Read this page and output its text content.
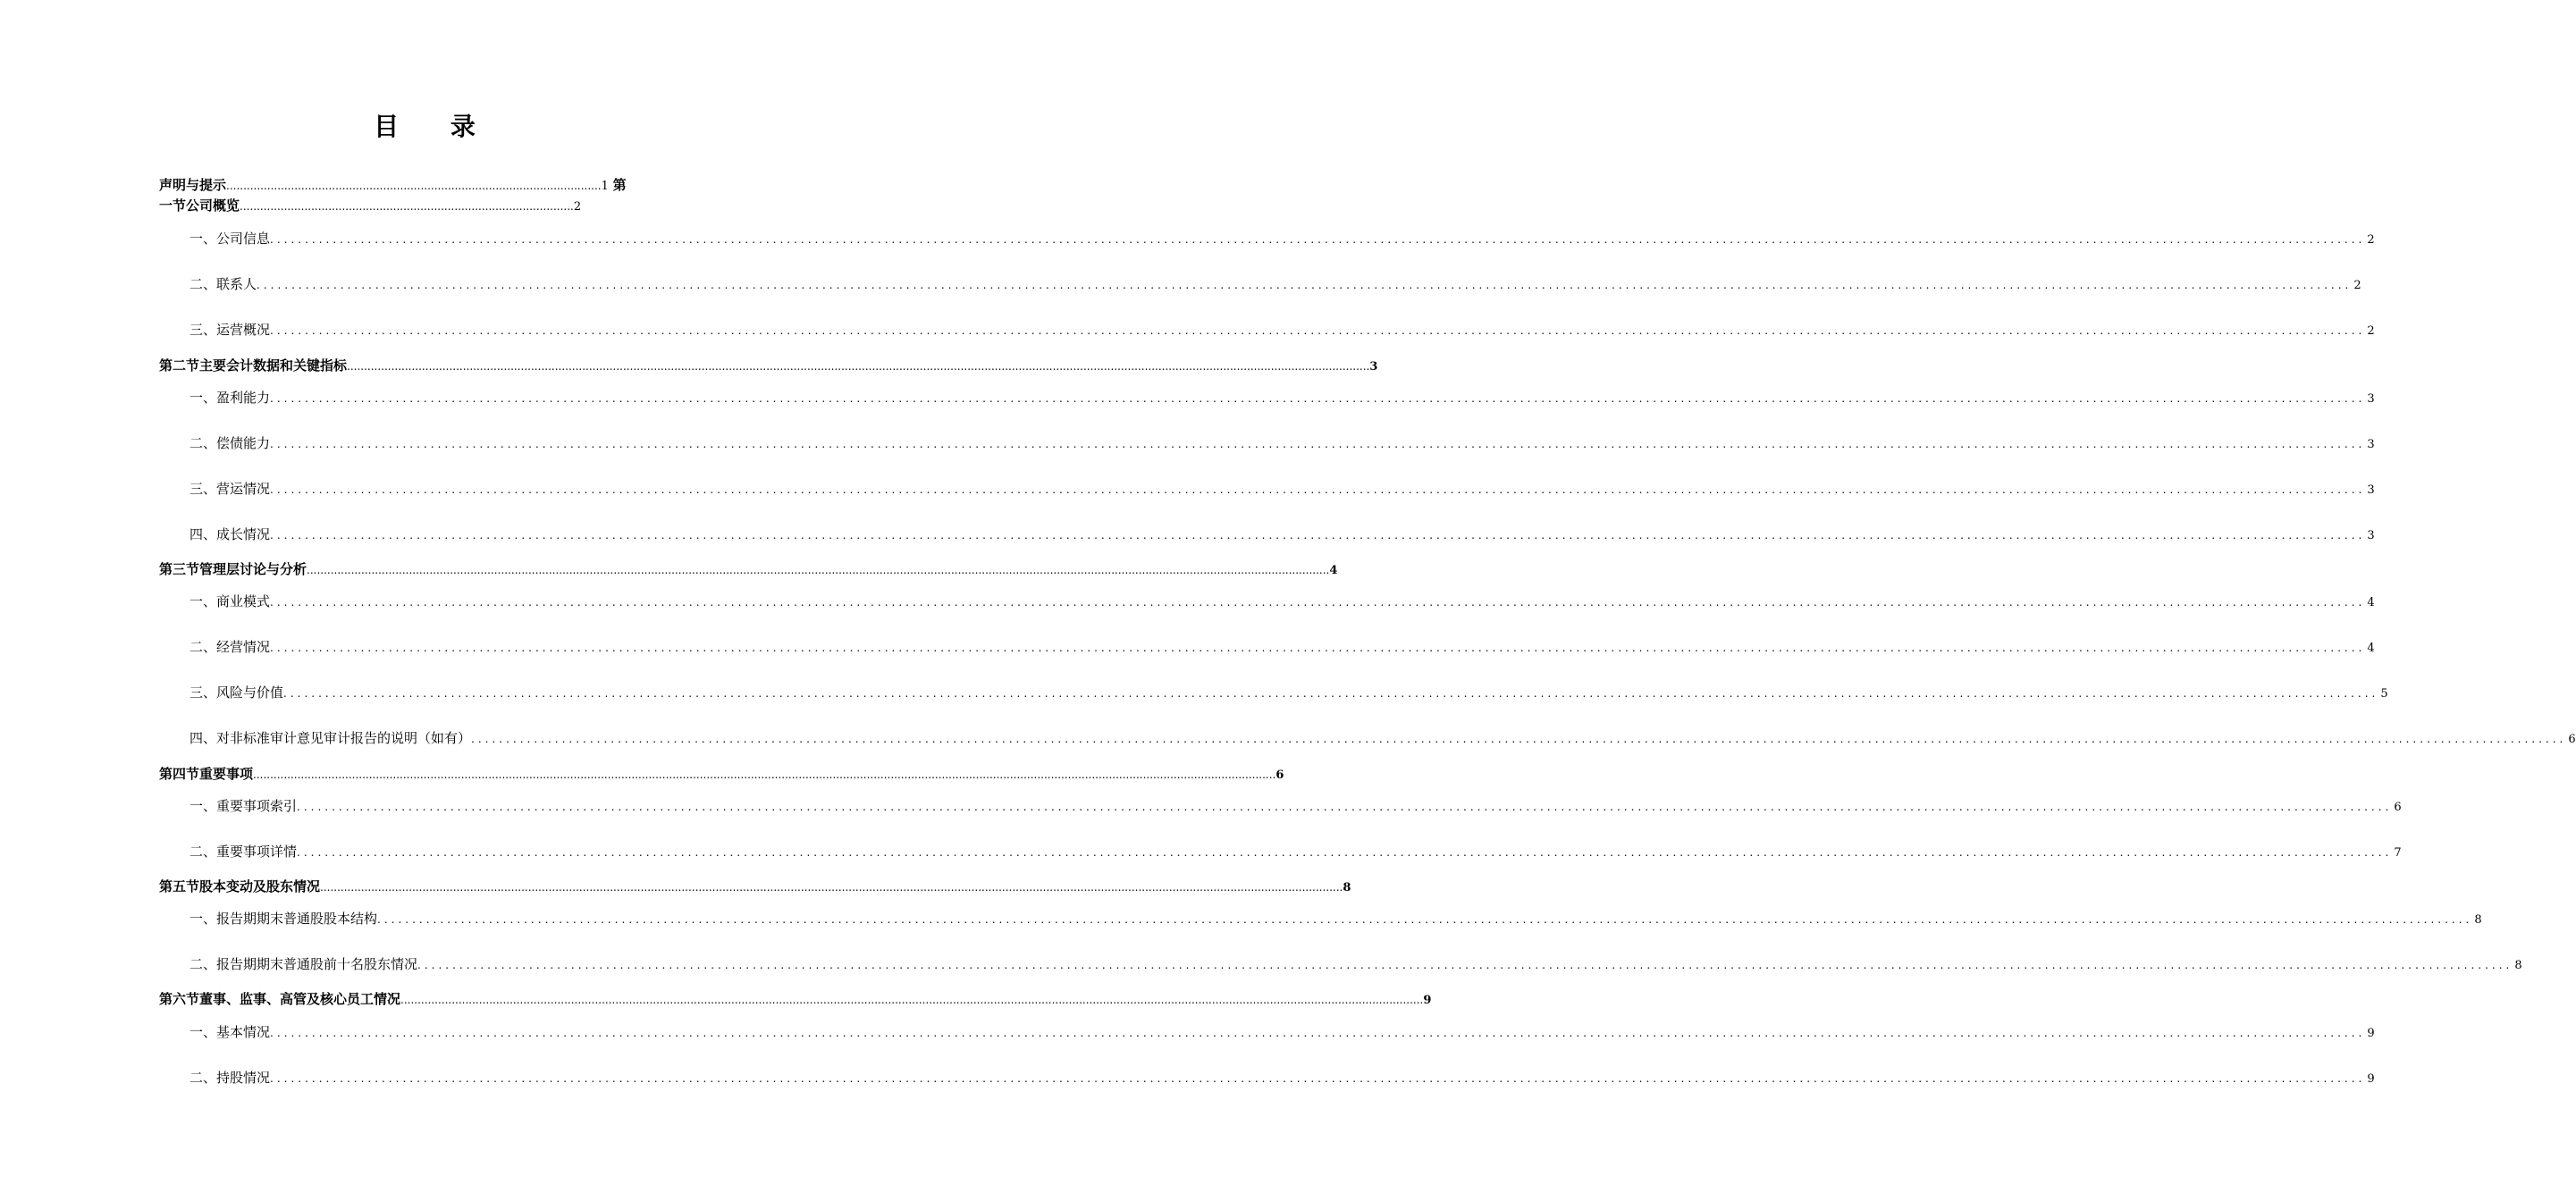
目 录
声明与提示..............................................................................................................1 第
一节公司概览..................................................................................................2
一、公司信息 ............................................................................................................................................................................................................................................................................................................ 2
二、联系人 ............................................................................................................................................................................................................................................................................................................ 2
三、运营概况 ............................................................................................................................................................................................................................................................................................................ 2
第二节主要会计数据和关键指标 ............................................................................................................................................................................................................................................................................................................ 3
一、盈利能力 ............................................................................................................................................................................................................................................................................................................ 3
二、偿债能力 ............................................................................................................................................................................................................................................................................................................ 3
三、营运情况 ............................................................................................................................................................................................................................................................................................................ 3
四、成长情况 ............................................................................................................................................................................................................................................................................................................ 3
第三节管理层讨论与分析 ............................................................................................................................................................................................................................................................................................................ 4
一、商业模式 ............................................................................................................................................................................................................................................................................................................ 4
二、经营情况 ............................................................................................................................................................................................................................................................................................................ 4
三、风险与价值 ............................................................................................................................................................................................................................................................................................................ 5
四、对非标准审计意见审计报告的说明（如有） ............................................................................................................................................................................................................................................................................................................ 6
第四节重要事项 ............................................................................................................................................................................................................................................................................................................ 6
一、重要事项索引 ............................................................................................................................................................................................................................................................................................................ 6
二、重要事项详情 ............................................................................................................................................................................................................................................................................................................ 7
第五节股本变动及股东情况 ............................................................................................................................................................................................................................................................................................................ 8
一、报告期期末普通股股本结构 ............................................................................................................................................................................................................................................................................................................ 8
二、报告期期末普通股前十名股东情况 ............................................................................................................................................................................................................................................................................................................ 8
第六节董事、监事、高管及核心员工情况 ............................................................................................................................................................................................................................................................................................................ 9
一、基本情况 ............................................................................................................................................................................................................................................................................................................ 9
二、持股情况 ............................................................................................................................................................................................................................................................................................................ 9
